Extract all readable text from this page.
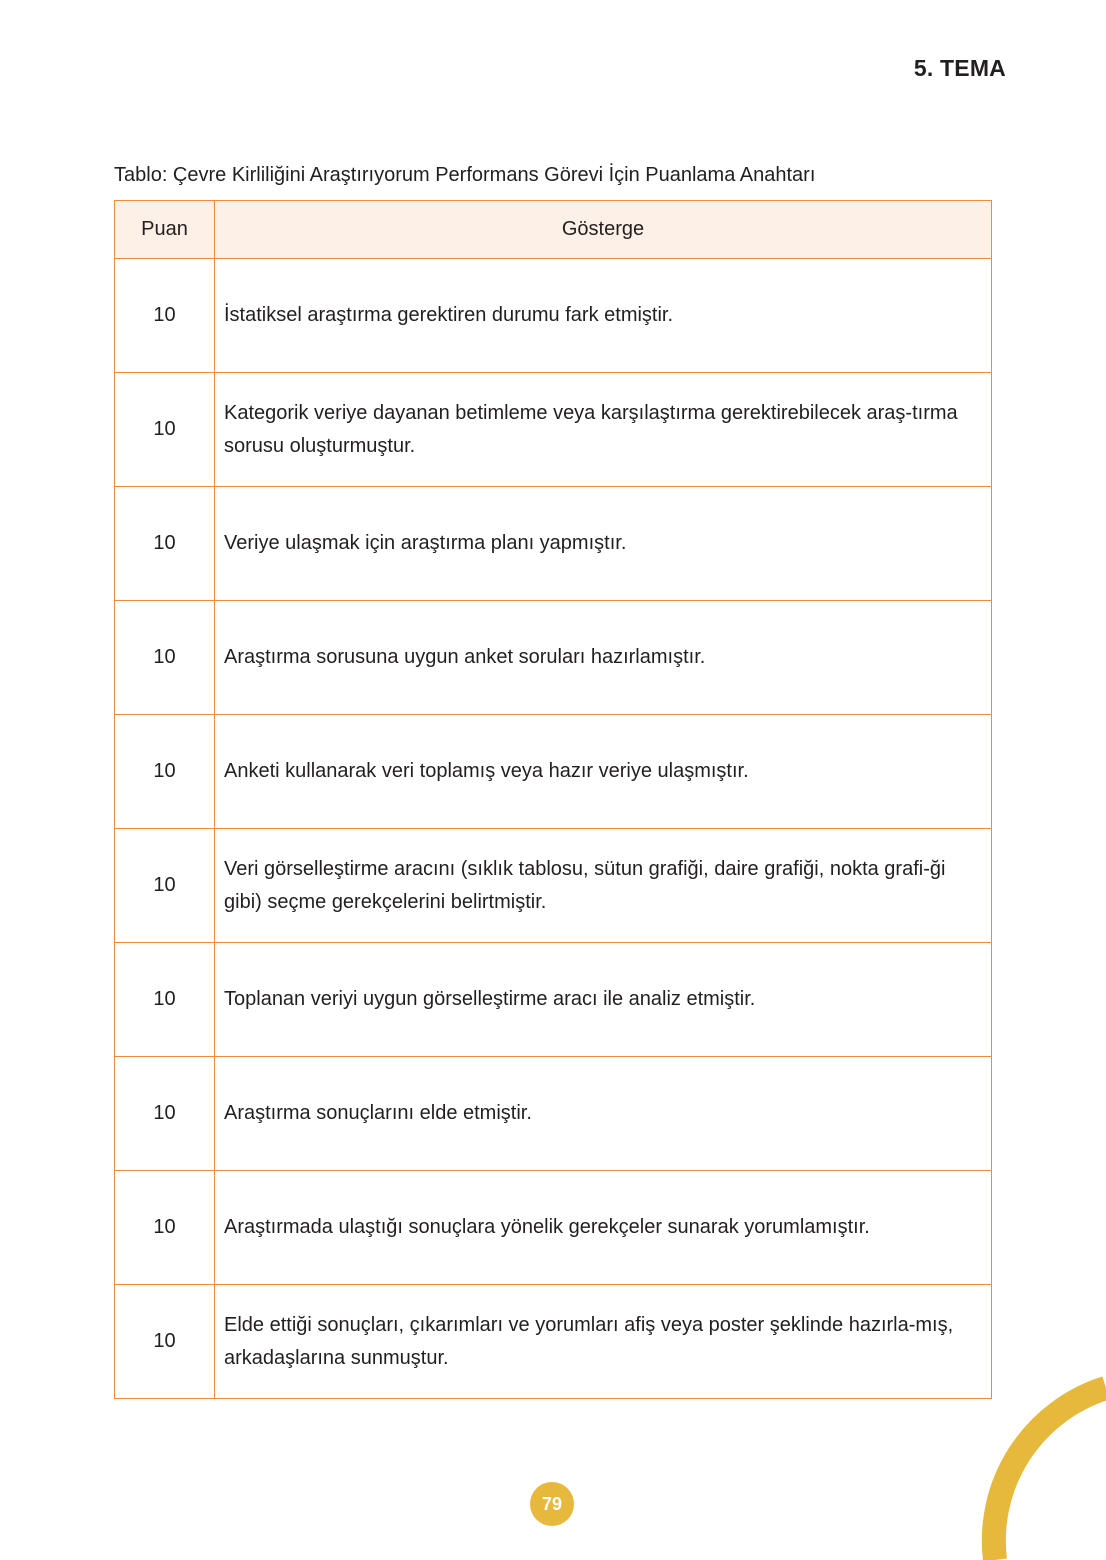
5. TEMA
Tablo: Çevre Kirliliğini Araştırıyorum Performans Görevi İçin Puanlama Anahtarı
Puan	Gösterge
10	İstatiksel araştırma gerektiren durumu fark etmiştir.
10	Kategorik veriye dayanan betimleme veya karşılaştırma gerektirebilecek araş-tırma sorusu oluşturmuştur.
10	Veriye ulaşmak için araştırma planı yapmıştır.
10	Araştırma sorusuna uygun anket soruları hazırlamıştır.
10	Anketi kullanarak veri toplamış veya hazır veriye ulaşmıştır.
10	Veri görselleştirme aracını (sıklık tablosu, sütun grafiği, daire grafiği, nokta grafi-ği gibi) seçme gerekçelerini belirtmiştir.
10	Toplanan veriyi uygun görselleştirme aracı ile analiz etmiştir.
10	Araştırma sonuçlarını elde etmiştir.
10	Araştırmada ulaştığı sonuçlara yönelik gerekçeler sunarak yorumlamıştır.
10	Elde ettiği sonuçları, çıkarımları ve yorumları afiş veya poster şeklinde hazırla-mış, arkadaşlarına sunmuştur.
79
